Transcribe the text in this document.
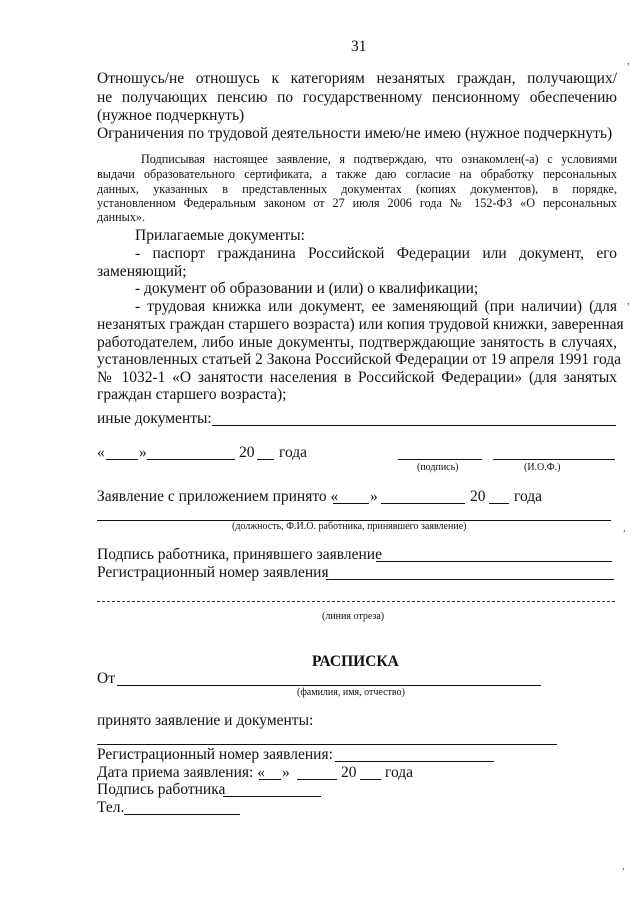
31
Отношусь/не отношусь к категориям незанятых граждан, получающих/
не получающих пенсию по государственному пенсионному обеспечению
(нужное подчеркнуть)
Ограничения по трудовой деятельности имею/не имею (нужное подчеркнуть)
Подписывая настоящее заявление, я подтверждаю, что ознакомлен(-а) с условиями
выдачи образовательного сертификата, а также даю согласие на обработку персональных
данных, указанных в представленных документах (копиях документов), в порядке,
установленном Федеральным законом от 27 июля 2006 года № 152-ФЗ «О персональных
данных».
Прилагаемые документы:
- паспорт гражданина Российской Федерации или документ, его
заменяющий;
- документ об образовании и (или) о квалификации;
- трудовая книжка или документ, ее заменяющий (при наличии) (для
незанятых граждан старшего возраста) или копия трудовой книжки, заверенная
работодателем, либо иные документы, подтверждающие занятость в случаях,
установленных статьей 2 Закона Российской Федерации от 19 апреля 1991 года
№ 1032-1 «О занятости населения в Российской Федерации» (для занятых
граждан старшего возраста);
иные документы:
« »	20 года
(подпись)	(И.О.Ф.)
Заявление с приложением принято « »	20 года
(должность, Ф.И.О. работника, принявшего заявление)
Подпись работника, принявшего заявление
Регистрационный номер заявления
(линия отреза)
РАСПИСКА
От
(фамилия, имя, отчество)
принято заявление и документы:
Регистрационный номер заявления:
Дата приема заявления: « »	20 года
Подпись работника
Тел.
,
,
,
,
